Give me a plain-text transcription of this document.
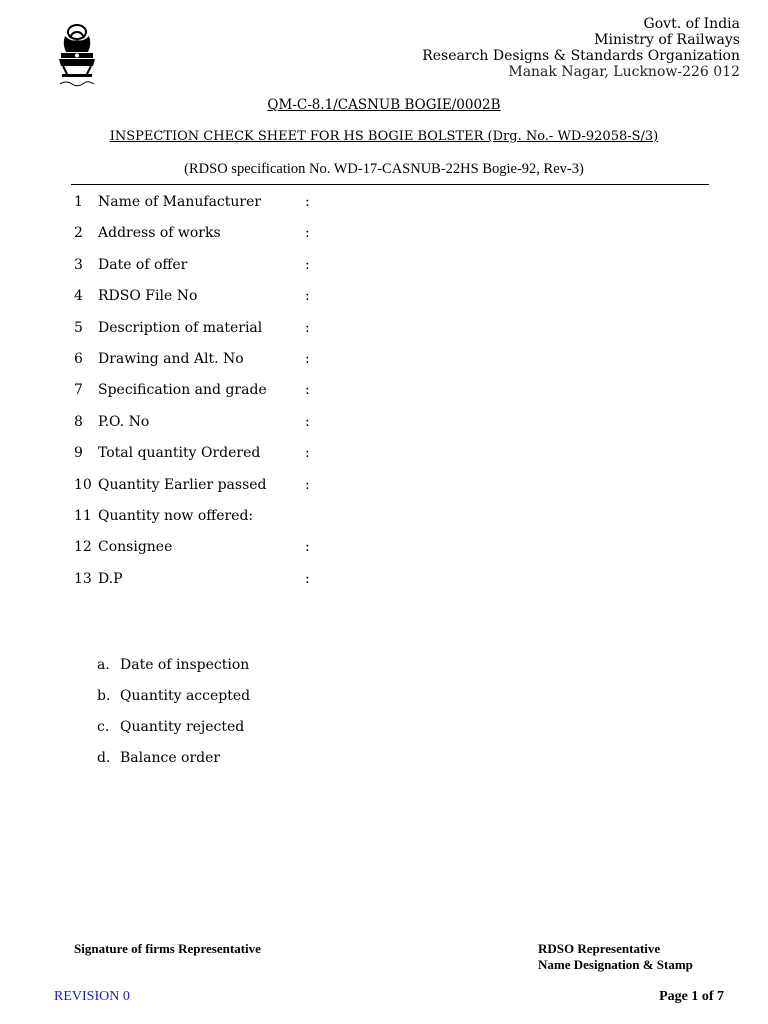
Govt. of India
Ministry of Railways
Research Designs & Standards Organization
Manak Nagar, Lucknow-226 012
QM-C-8.1/CASNUB BOGIE/0002B
INSPECTION CHECK SHEET FOR HS BOGIE BOLSTER (Drg. No.- WD-92058-S/3)
(RDSO specification No. WD-17-CASNUB-22HS Bogie-92, Rev-3)
1 Name of Manufacturer	:
2 Address of works	:
3 Date of offer	:
4 RDSO File No	:
5 Description of material	:
6 Drawing and Alt. No	:
7 Specification and grade	:
8 P.O. No	:
9 Total quantity Ordered	:
10 Quantity Earlier passed	:
11 Quantity now offered:
12 Consignee	:
13 D.P	:
a. Date of inspection
b. Quantity accepted
c. Quantity rejected
d. Balance order
Signature of firms Representative	RDSO Representative
Name Designation & Stamp
REVISION 0	Page 1 of 7
